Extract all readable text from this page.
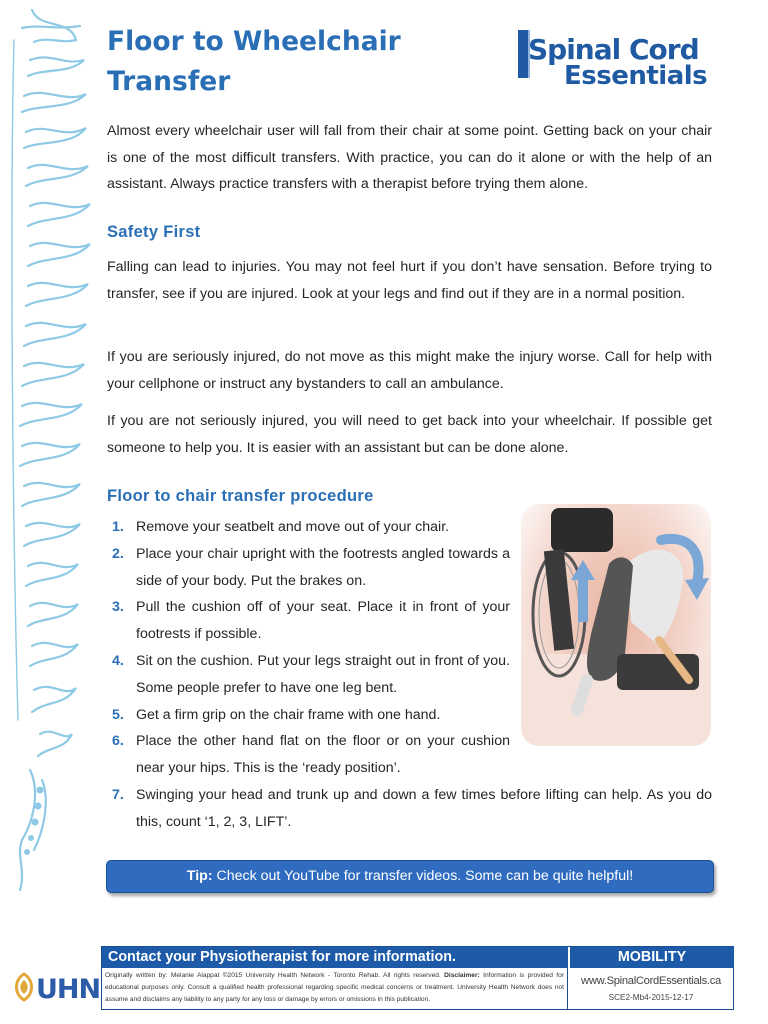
Floor to Wheelchair
Transfer
Spinal Cord
Essentials

Almost every wheelchair user will fall from their chair at some point. Getting back on your chair is one of the most difficult transfers. With practice, you can do it alone or with the help of an assistant. Always practice transfers with a therapist before trying them alone.

Safety First

Falling can lead to injuries. You may not feel hurt if you don’t have sensation. Before trying to transfer, see if you are injured. Look at your legs and find out if they are in a normal position.

If you are seriously injured, do not move as this might make the injury worse. Call for help with your cellphone or instruct any bystanders to call an ambulance.

If you are not seriously injured, you will need to get back into your wheelchair. If possible get someone to help you. It is easier with an assistant but can be done alone.

Floor to chair transfer procedure
1. Remove your seatbelt and move out of your chair.
2. Place your chair upright with the footrests angled towards a side of your body. Put the brakes on.
3. Pull the cushion off of your seat. Place it in front of your footrests if possible.
4. Sit on the cushion. Put your legs straight out in front of you. Some people prefer to have one leg bent.
5. Get a firm grip on the chair frame with one hand.
6. Place the other hand flat on the floor or on your cushion near your hips. This is the ‘ready position’.
7. Swinging your head and trunk up and down a few times before lifting can help. As you do this, count ‘1, 2, 3, LIFT’.
Tip: Check out YouTube for transfer videos. Some can be quite helpful!
UHN
Contact your Physiotherapist for more information.	MOBILITY
Originally written by: Melanie Alappat ©2015 University Health Network - Toronto Rehab. All rights reserved. Disclaimer: Information is provided for educational purposes only. Consult a qualified health professional regarding specific medical concerns or treatment. University Health Network does not assume and disclaims any liability to any party for any loss or damage by errors or omissions in this publication.
www.SpinalCordEssentials.ca
SCE2-Mb4-2015-12-17
